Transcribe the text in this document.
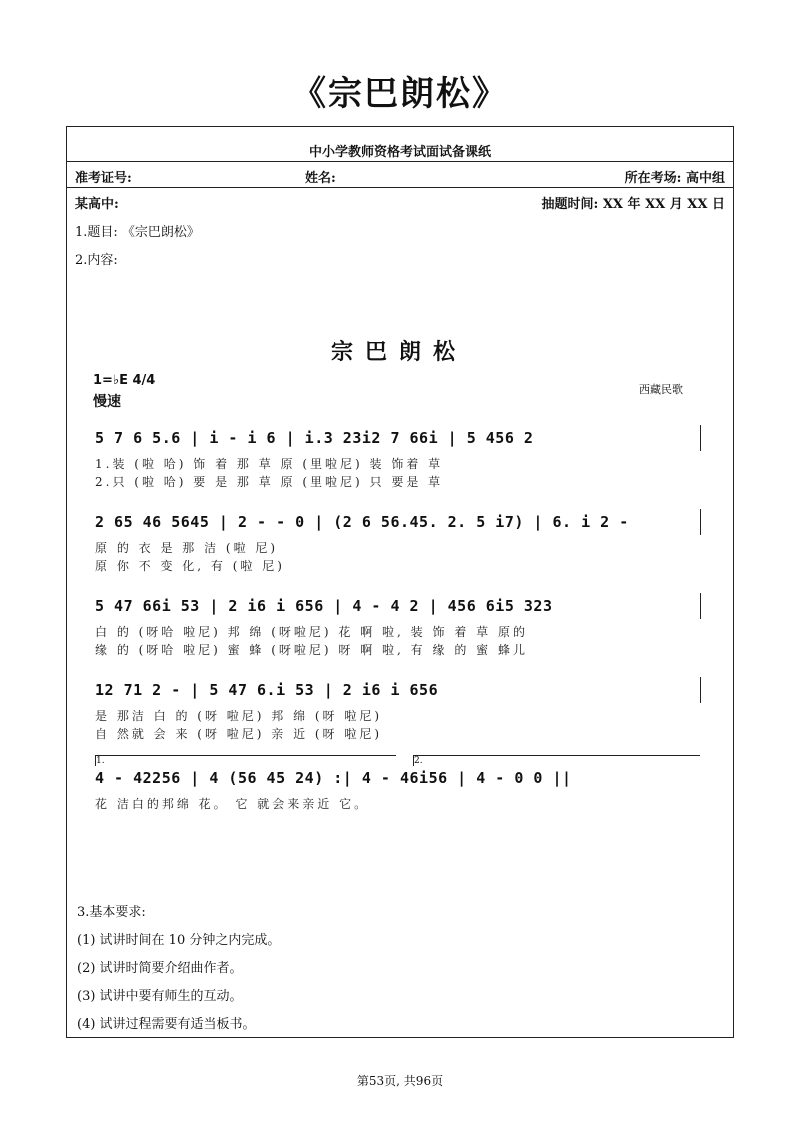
《宗巴朗松》
中小学教师资格考试面试备课纸
准考证号:	姓名:	所在考场: 高中组
某高中:	抽题时间: XX 年 XX 月 XX 日
1.题目: 《宗巴朗松》
2.内容:
宗巴朗松
1=♭E 4/4
慢速
西藏民歌
5 7 6 5.6 | i - i 6 | i.3 23i2 7 66i | 5 456 2
1.装 (啦 哈) 饰 着 那 草 原 (里啦尼) 装 饰着 草
2.只 (啦 哈) 要 是 那 草 原 (里啦尼) 只 要是 草
2 65 46 5645 | 2 - - 0 | (2 6 56.45. 2. 5 i7) | 6. i 2 -
原 的 衣 是 那 洁 (啦 尼)
原 你 不 变 化, 有 (啦 尼)
5 47 66i 53 | 2 i6 i 656 | 4 - 4 2 | 456 6i5 323
白 的 (呀哈 啦尼) 邦 绵 (呀啦尼) 花 啊 啦, 装 饰 着 草 原的
缘 的 (呀哈 啦尼) 蜜 蜂 (呀啦尼) 呀 啊 啦, 有 缘 的 蜜 蜂儿
12 71 2 - | 5 47 6.i 53 | 2 i6 i 656
是 那洁 白 的 (呀 啦尼) 邦 绵 (呀 啦尼)
自 然就 会 来 (呀 啦尼) 亲 近 (呀 啦尼)
1.	2.
4 - 42256 | 4 (56 45 24) :| 4 - 46i56 | 4 - 0 0 ||
花 洁白的邦绵 花。 它 就会来亲近 它。
3.基本要求:
(1) 试讲时间在 10 分钟之内完成。
(2) 试讲时简要介绍曲作者。
(3) 试讲中要有师生的互动。
(4) 试讲过程需要有适当板书。
第53页, 共96页
